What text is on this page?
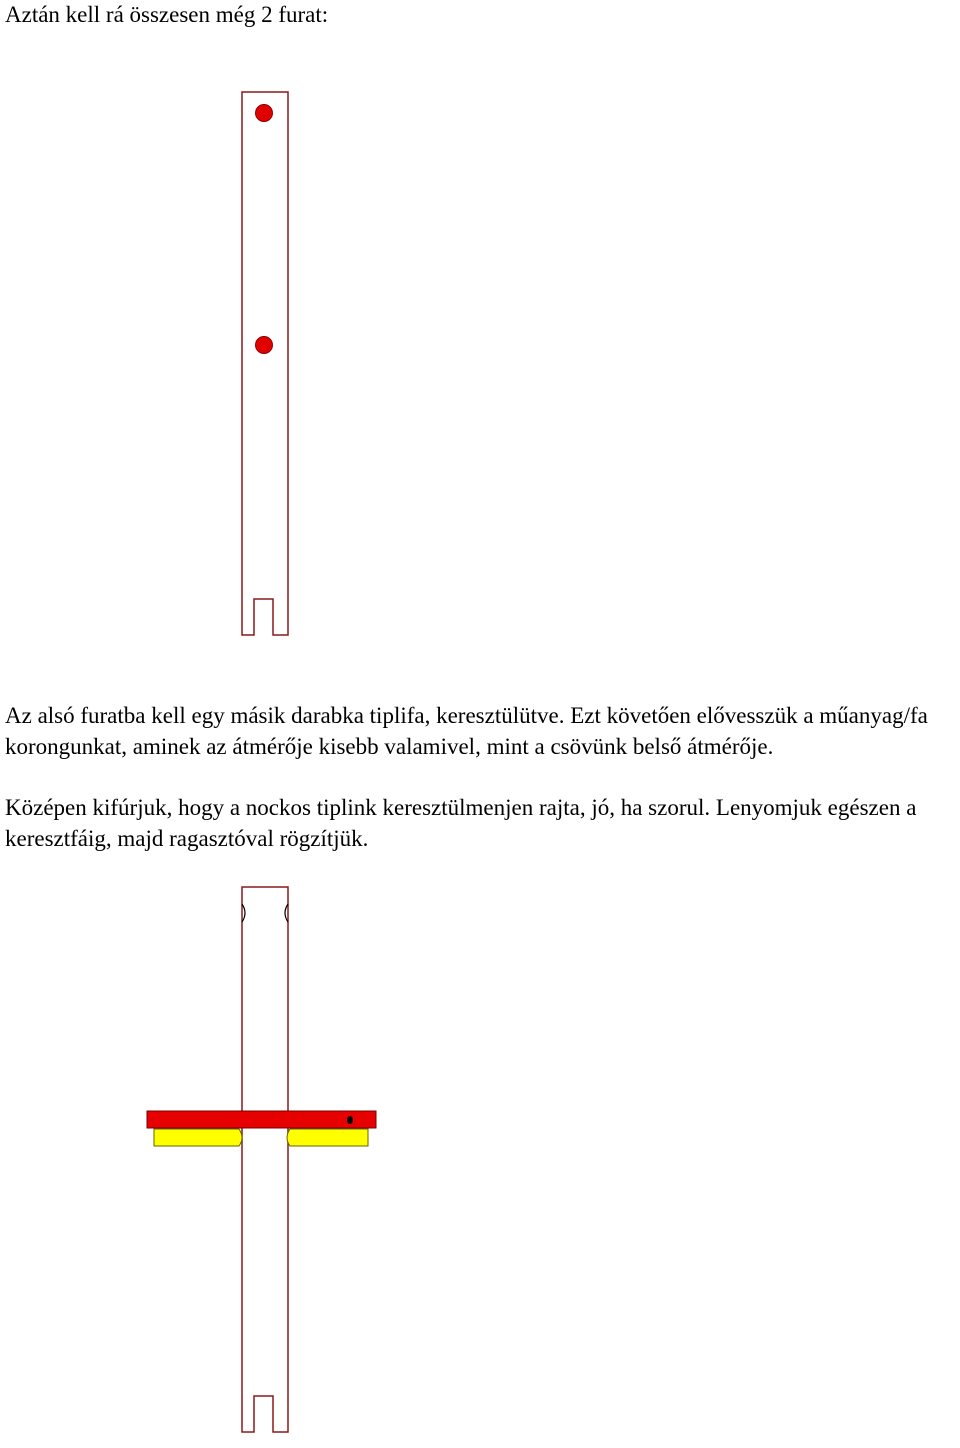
Aztán kell rá összesen még 2 furat:

Az alsó furatba kell egy másik darabka tiplifa, keresztülütve. Ezt követően elővesszük a műanyag/fa korongunkat, aminek az átmérője kisebb valamivel, mint a csövünk belső átmérője.

Középen kifúrjuk, hogy a nockos tiplink keresztülmenjen rajta, jó, ha szorul. Lenyomjuk egészen a keresztfáig, majd ragasztóval rögzítjük.
